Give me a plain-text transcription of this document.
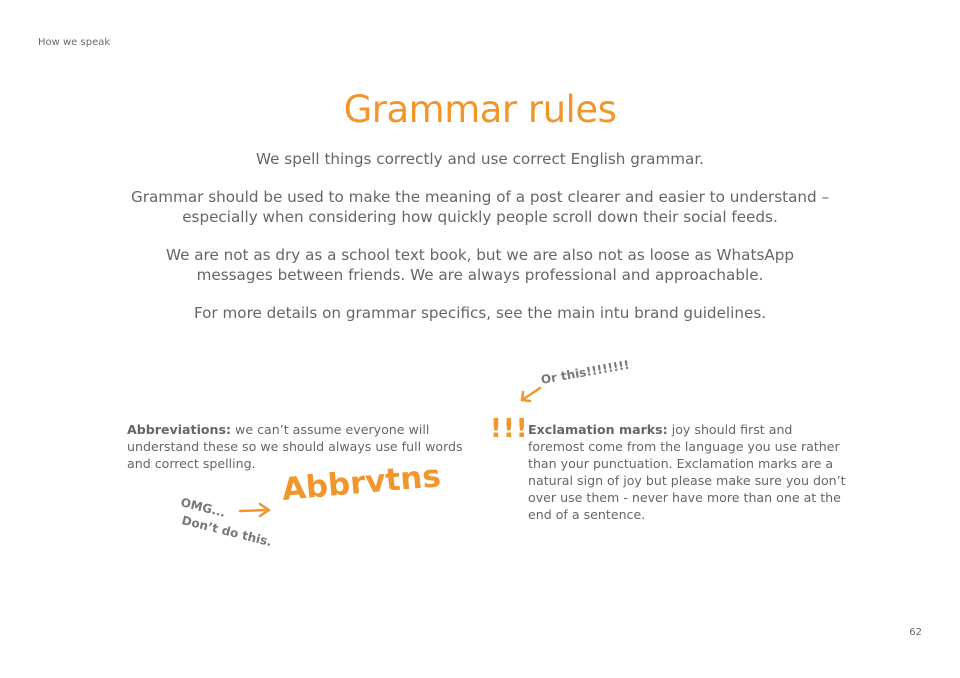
How we speak
Grammar rules

We spell things correctly and use correct English grammar.

Grammar should be used to make the meaning of a post clearer and easier to understand – especially when considering how quickly people scroll down their social feeds.

We are not as dry as a school text book, but we are also not as loose as WhatsApp messages between friends. We are always professional and approachable.

For more details on grammar specifics, see the main intu brand guidelines.

Or this!!!!!!!!
Abbreviations: we can’t assume everyone will understand these so we should always use full words and correct spelling.
OMG...
Don’t do this.
Abbrvtns
!!! Exclamation marks: joy should first and foremost come from the language you use rather than your punctuation. Exclamation marks are a natural sign of joy but please make sure you don’t over use them - never have more than one at the end of a sentence.
62
